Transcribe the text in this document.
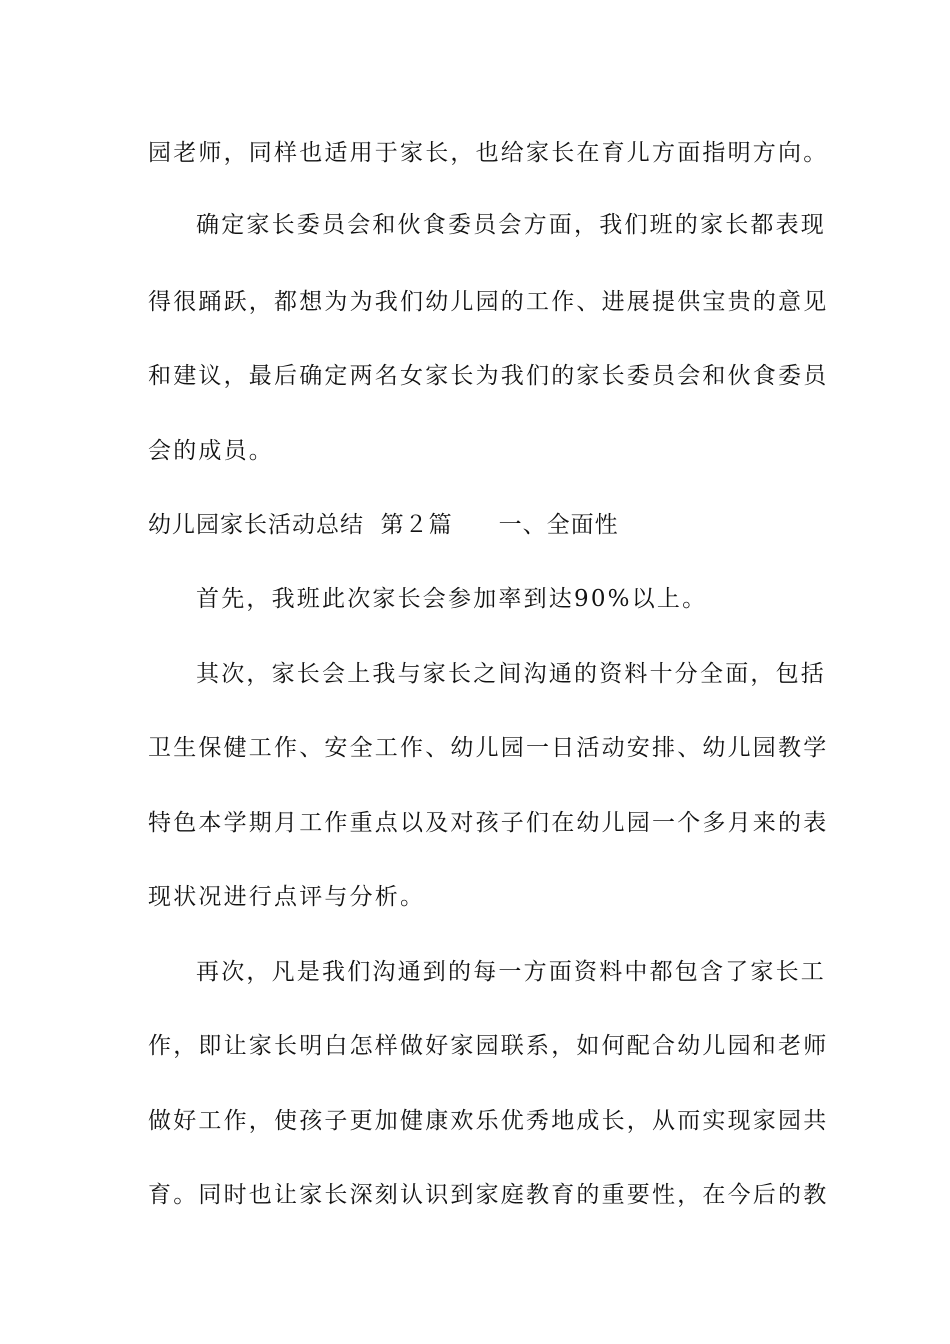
园老师，同样也适用于家长，也给家长在育儿方面指明方向。
确定家长委员会和伙食委员会方面，我们班的家长都表现
得很踊跃，都想为为我们幼儿园的工作、进展提供宝贵的意见
和建议，最后确定两名女家长为我们的家长委员会和伙食委员
会的成员。
幼儿园家长活动总结  第２篇 一、全面性
首先，我班此次家长会参加率到达90%以上。
其次，家长会上我与家长之间沟通的资料十分全面，包括
卫生保健工作、安全工作、幼儿园一日活动安排、幼儿园教学
特色本学期月工作重点以及对孩子们在幼儿园一个多月来的表
现状况进行点评与分析。
再次，凡是我们沟通到的每一方面资料中都包含了家长工
作，即让家长明白怎样做好家园联系，如何配合幼儿园和老师
做好工作，使孩子更加健康欢乐优秀地成长，从而实现家园共
育。同时也让家长深刻认识到家庭教育的重要性，在今后的教
